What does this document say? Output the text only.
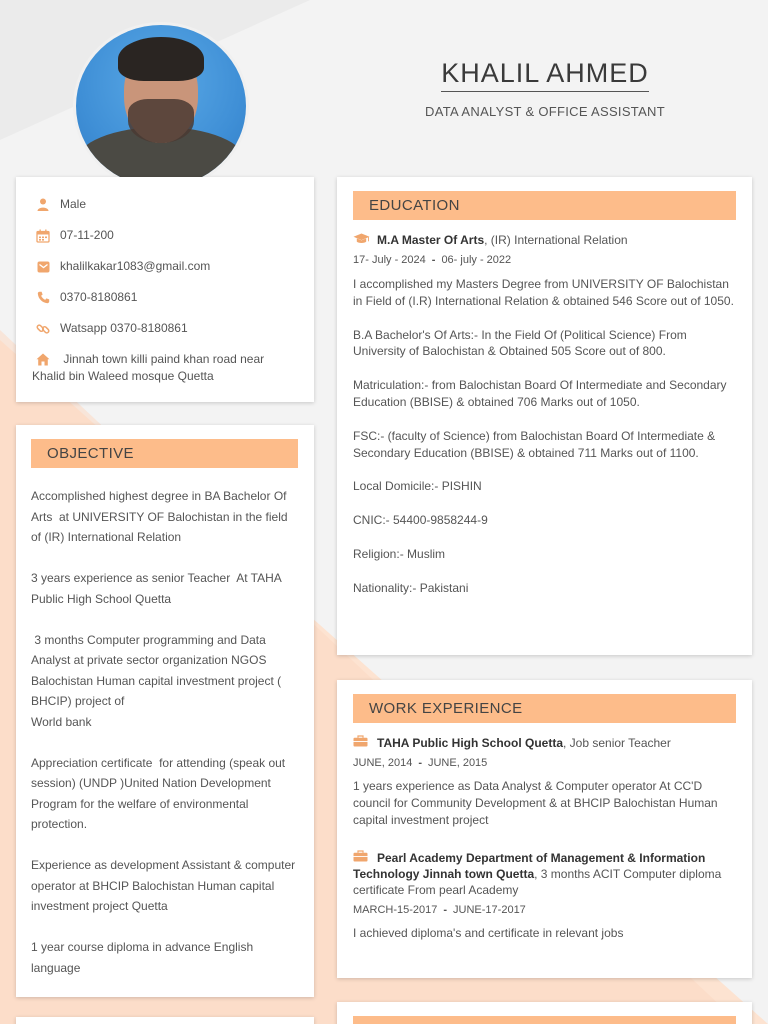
KHALIL AHMED
DATA ANALYST & OFFICE ASSISTANT
Male
07-11-200
khalilkakar1083@gmail.com
0370-8180861
Watsapp 0370-8180861
Jinnah town killi paind khan road near Khalid bin Waleed mosque Quetta
OBJECTIVE
Accomplished highest degree in BA Bachelor Of Arts  at UNIVERSITY OF Balochistan in the field of (IR) International Relation

3 years experience as senior Teacher  At TAHA Public High School Quetta

3 months Computer programming and Data Analyst at private sector organization NGOS Balochistan Human capital investment project ( BHCIP) project of
World bank

Appreciation certificate  for attending (speak out session) (UNDP )United Nation Development Program for the welfare of environmental protection.

Experience as development Assistant & computer operator at BHCIP Balochistan Human capital investment project Quetta

1 year course diploma in advance English language
EDUCATION
M.A Master Of Arts, (IR) International Relation
17- July - 2024 - 06- july - 2022
I accomplished my Masters Degree from UNIVERSITY OF Balochistan in Field of (I.R) International Relation & obtained 546 Score out of 1050.
B.A Bachelor's Of Arts:- In the Field Of (Political Science) From University of Balochistan & Obtained 505 Score out of 800.
Matriculation:- from Balochistan Board Of Intermediate and Secondary Education (BBISE) & obtained 706 Marks out of 1050.
FSC:- (faculty of Science) from Balochistan Board Of Intermediate & Secondary Education (BBISE) & obtained 711 Marks out of 1100.
Local Domicile:- PISHIN
CNIC:- 54400-9858244-9
Religion:- Muslim
Nationality:- Pakistani
WORK EXPERIENCE
TAHA Public High School Quetta, Job senior Teacher
JUNE, 2014 - JUNE, 2015
1 years experience as Data Analyst & Computer operator At CC'D council for Community Development & at BHCIP Balochistan Human capital investment project
Pearl Academy Department of Management & Information Technology Jinnah town Quetta, 3 months ACIT Computer diploma certificate From pearl Academy
MARCH-15-2017 - JUNE-17-2017
I achieved diploma's and certificate in relevant jobs
